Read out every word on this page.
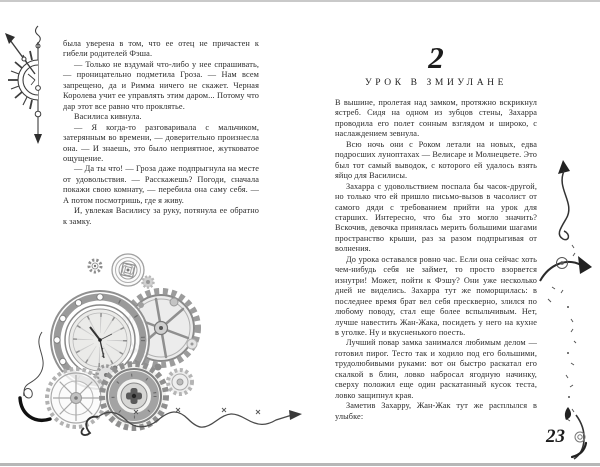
была уверена в том, что ее отец не причастен к гибели родителей Фэша.

— Только не вздумай что-либо у нее спрашивать, — проницательно подметила Гроза. — Нам всем запрещено, да и Римма ничего не скажет. Черная Королева учит ее управлять этим даром... Потому что дар этот все равно что проклятье.

Василиса кивнула.

— Я когда-то разговаривала с мальчиком, затерянным во времени, — доверительно произнесла она. — И знаешь, это было неприятное, жутковатое ощущение.

— Да ты что! — Гроза даже подпрыгнула на месте от удовольствия. — Расскажешь? Погоди, сначала покажи свою комнату, — перебила она саму себя. — А потом посмотришь, где я живу.

И, увлекая Василису за руку, потянула ее обратно к замку.

2
УРОК В ЗМИУЛАНЕ

В вышине, пролетая над замком, протяжно вскрикнул ястреб. Сидя на одном из зубцов стены, Захарра проводила его полет сонным взглядом и широко, с наслаждением зевнула.

Всю ночь они с Роком летали на новых, едва подросших луноптахах — Велисаре и Молнецвете. Это был тот самый выводок, с которого ей удалось взять яйцо для Василисы.

Захарра с удовольствием поспала бы часок-другой, но только что ей пришло письмо-вызов в часолист от самого дяди с требованием прийти на урок для старших. Интересно, что бы это могло значить? Вскочив, девочка принялась мерить большими шагами пространство крыши, раз за разом подпрыгивая от волнения.

До урока оставался ровно час. Если она сейчас хоть чем-нибудь себя не займет, то просто взорвется изнутри! Может, пойти к Фэшу? Они уже несколько дней не виделись. Захарра тут же поморщилась: в последнее время брат вел себя прескверно, злился по любому поводу, стал еще более вспыльчивым. Нет, лучше навестить Жан-Жака, посидеть у него на кухне в уголке. Ну и вкусненького поесть.

Лучший повар замка занимался любимым делом — готовил пирог. Тесто так и ходило под его большими, трудолюбивыми руками: вот он быстро раскатал его скалкой в блин, ловко набросал ягодную начинку, сверху положил еще один раскатанный кусок теста, ловко защипнул края.

Заметив Захарру, Жан-Жак тут же расплылся в улыбке:

23
